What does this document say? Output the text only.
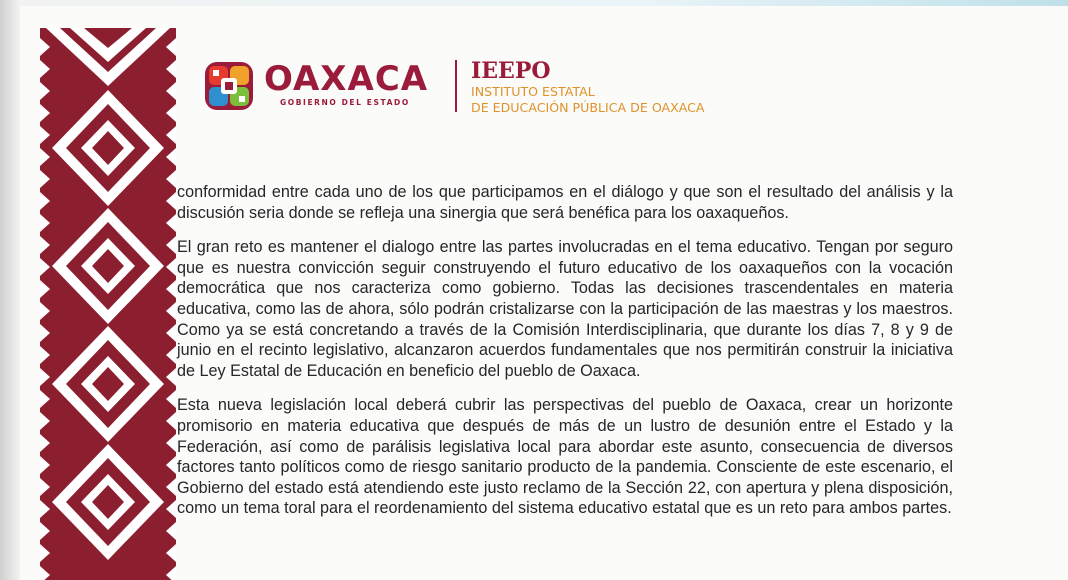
OAXACA
GOBIERNO DEL ESTADO
IEEPO
INSTITUTO ESTATAL
DE EDUCACIÓN PÚBLICA DE OAXACA

conformidad entre cada uno de los que participamos en el diálogo y que son el resultado del análisis y la discusión seria donde se refleja una sinergia que será benéfica para los oaxaqueños.

El gran reto es mantener el dialogo entre las partes involucradas en el tema educativo. Tengan por seguro que es nuestra convicción seguir construyendo el futuro educativo de los oaxaqueños con la vocación democrática que nos caracteriza como gobierno. Todas las decisiones trascendentales en materia educativa, como las de ahora, sólo podrán cristalizarse con la participación de las maestras y los maestros. Como ya se está concretando a través de la Comisión Interdisciplinaria, que durante los días 7, 8 y 9 de junio en el recinto legislativo, alcanzaron acuerdos fundamentales que nos permitirán construir la iniciativa de Ley Estatal de Educación en beneficio del pueblo de Oaxaca.

Esta nueva legislación local deberá cubrir las perspectivas del pueblo de Oaxaca, crear un horizonte promisorio en materia educativa que después de más de un lustro de desunión entre el Estado y la Federación, así como de parálisis legislativa local para abordar este asunto, consecuencia de diversos factores tanto políticos como de riesgo sanitario producto de la pandemia. Consciente de este escenario, el Gobierno del estado está atendiendo este justo reclamo de la Sección 22, con apertura y plena disposición, como un tema toral para el reordenamiento del sistema educativo estatal que es un reto para ambos partes.
